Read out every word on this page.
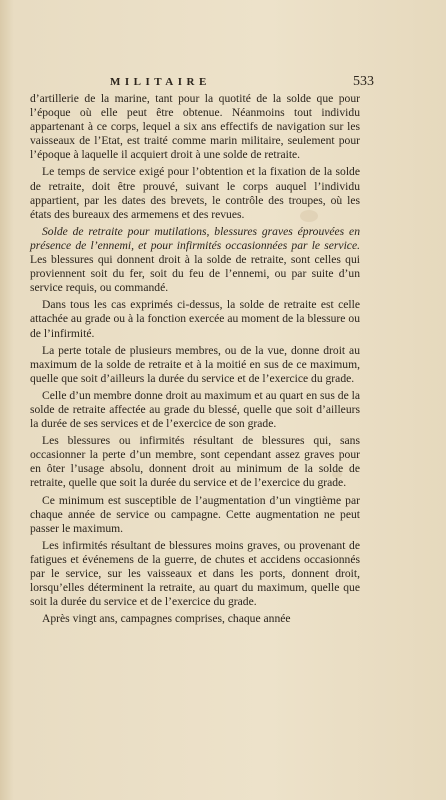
MILITAIRE	533

d’artillerie de la marine, tant pour la quotité de la solde que pour l’époque où elle peut être obtenue. Néanmoins tout individu appartenant à ce corps, lequel a six ans effectifs de navigation sur les vaisseaux de l’Etat, est traité comme marin militaire, seulement pour l’époque à laquelle il acquiert droit à une solde de retraite.

Le temps de service exigé pour l’obtention et la fixation de la solde de retraite, doit être prouvé, suivant le corps auquel l’individu appartient, par les dates des brevets, le contrôle des troupes, où les états des bureaux des armemens et des revues.

Solde de retraite pour mutilations, blessures graves éprouvées en présence de l’ennemi, et pour infirmités occasionnées par le service. Les blessures qui donnent droit à la solde de retraite, sont celles qui proviennent soit du fer, soit du feu de l’ennemi, ou par suite d’un service requis, ou commandé.

Dans tous les cas exprimés ci-dessus, la solde de retraite est celle attachée au grade ou à la fonction exercée au moment de la blessure ou de l’infirmité.

La perte totale de plusieurs membres, ou de la vue, donne droit au maximum de la solde de retraite et à la moitié en sus de ce maximum, quelle que soit d’ailleurs la durée du service et de l’exercice du grade.

Celle d’un membre donne droit au maximum et au quart en sus de la solde de retraite affectée au grade du blessé, quelle que soit d’ailleurs la durée de ses services et de l’exercice de son grade.

Les blessures ou infirmités résultant de blessures qui, sans occasionner la perte d’un membre, sont cependant assez graves pour en ôter l’usage absolu, donnent droit au minimum de la solde de retraite, quelle que soit la durée du service et de l’exercice du grade.

Ce minimum est susceptible de l’augmentation d’un vingtième par chaque année de service ou campagne. Cette augmentation ne peut passer le maximum.

Les infirmités résultant de blessures moins graves, ou provenant de fatigues et événemens de la guerre, de chutes et accidens occasionnés par le service, sur les vaisseaux et dans les ports, donnent droit, lorsqu’elles déterminent la retraite, au quart du maximum, quelle que soit la durée du service et de l’exercice du grade.

Après vingt ans, campagnes comprises, chaque année
